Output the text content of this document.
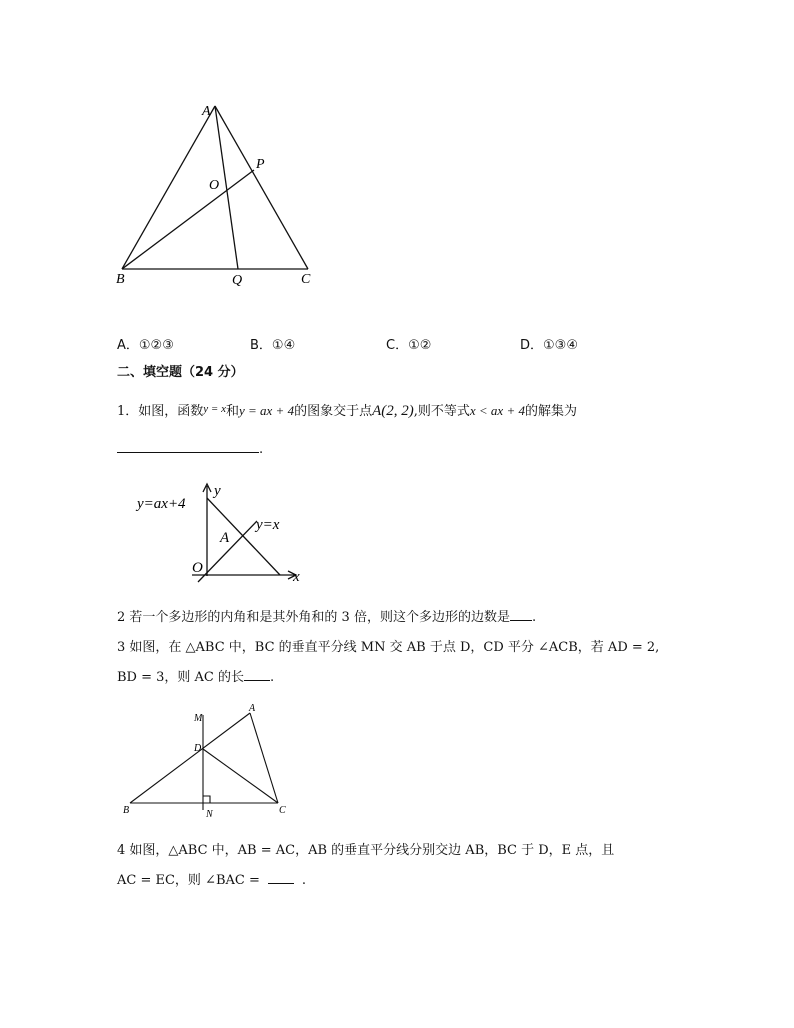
A
P
O
B	Q	C
A．①②③	B．①④	C．①②	D．①③④
二、填空题（24 分）
1．如图，函数$^{y = x}$和y = ax + 4的图象交于点A(2, 2),则不等式x < ax + 4的解集为
.
y=ax+4
y
y=x
A
O
x
2 若一个多边形的内角和是其外角和的 3 倍，则这个多边形的边数是 .
3 如图，在 △ABC 中，BC 的垂直平分线 MN 交 AB 于点 D，CD 平分 ∠ACB，若 AD = 2,
BD = 3，则 AC 的长 .
M
A
D
B	N	C
4 如图，△ABC 中，AB = AC，AB 的垂直平分线分别交边 AB，BC 于 D，E 点，且
AC = EC，则 ∠BAC =	.
